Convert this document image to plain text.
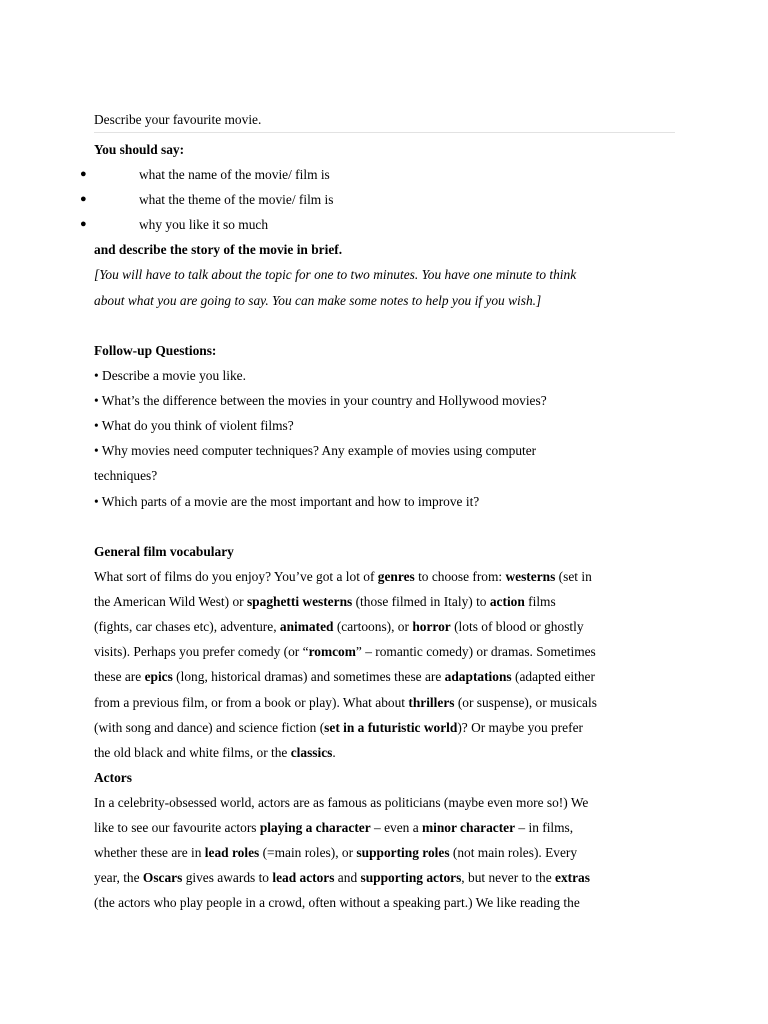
Describe your favourite movie.
You should say:
●	what the name of the movie/ film is
●	what the theme of the movie/ film is
●	why you like it so much
and describe the story of the movie in brief.
[You will have to talk about the topic for one to two minutes. You have one minute to think
about what you are going to say. You can make some notes to help you if you wish.]
Follow-up Questions:
• Describe a movie you like.
• What’s the difference between the movies in your country and Hollywood movies?
• What do you think of violent films?
• Why movies need computer techniques? Any example of movies using computer
techniques?
• Which parts of a movie are the most important and how to improve it?
General film vocabulary
What sort of films do you enjoy? You’ve got a lot of genres to choose from: westerns (set in
the American Wild West) or spaghetti westerns (those filmed in Italy) to action films
(fights, car chases etc), adventure, animated (cartoons), or horror (lots of blood or ghostly
visits). Perhaps you prefer comedy (or “romcom” – romantic comedy) or dramas. Sometimes
these are epics (long, historical dramas) and sometimes these are adaptations (adapted either
from a previous film, or from a book or play). What about thrillers (or suspense), or musicals
(with song and dance) and science fiction (set in a futuristic world)? Or maybe you prefer
the old black and white films, or the classics.
Actors
In a celebrity-obsessed world, actors are as famous as politicians (maybe even more so!) We
like to see our favourite actors playing a character – even a minor character – in films,
whether these are in lead roles (=main roles), or supporting roles (not main roles). Every
year, the Oscars gives awards to lead actors and supporting actors, but never to the extras
(the actors who play people in a crowd, often without a speaking part.) We like reading the
